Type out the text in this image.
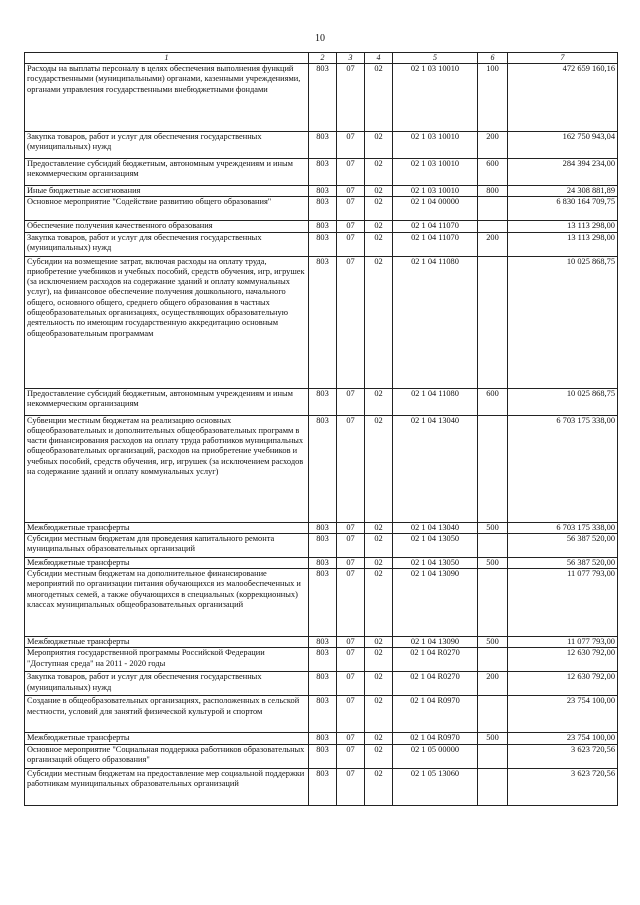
10
1	2	3	4	5	6	7
Расходы на выплаты персоналу в целях обеспечения выполнения функций государственными (муниципальными) органами, казенными учреждениями, органами управления государственными внебюджетными фондами	803	07	02	02 1 03 10010	100	472 659 160,16
Закупка товаров, работ и услуг для обеспечения государственных (муниципальных) нужд	803	07	02	02 1 03 10010	200	162 750 943,04
Предоставление субсидий бюджетным, автономным учреждениям и иным некоммерческим организациям	803	07	02	02 1 03 10010	600	284 394 234,00
Иные бюджетные ассигнования	803	07	02	02 1 03 10010	800	24 308 881,89
Основное мероприятие "Содействие развитию общего образования"	803	07	02	02 1 04 00000		6 830 164 709,75
Обеспечение получения качественного образования	803	07	02	02 1 04 11070		13 113 298,00
Закупка товаров, работ и услуг для обеспечения государственных (муниципальных) нужд	803	07	02	02 1 04 11070	200	13 113 298,00
Субсидии на возмещение затрат, включая расходы на оплату труда, приобретение учебников и учебных пособий, средств обучения, игр, игрушек (за исключением расходов на содержание зданий и оплату коммунальных услуг), на финансовое обеспечение получения дошкольного, начального общего, основного общего, среднего общего образования в частных общеобразовательных организациях, осуществляющих образовательную деятельность по имеющим государственную аккредитацию основным общеобразовательным программам	803	07	02	02 1 04 11080		10 025 868,75
Предоставление субсидий бюджетным, автономным учреждениям и иным некоммерческим организациям	803	07	02	02 1 04 11080	600	10 025 868,75
Субвенции местным бюджетам на реализацию основных общеобразовательных и дополнительных общеобразовательных программ в части финансирования расходов на оплату труда работников муниципальных общеобразовательных организаций, расходов на приобретение учебников и учебных пособий, средств обучения, игр, игрушек (за исключением расходов на содержание зданий и оплату коммунальных услуг)	803	07	02	02 1 04 13040		6 703 175 338,00
Межбюджетные трансферты	803	07	02	02 1 04 13040	500	6 703 175 338,00
Субсидии местным бюджетам для проведения капитального ремонта муниципальных образовательных организаций	803	07	02	02 1 04 13050		56 387 520,00
Межбюджетные трансферты	803	07	02	02 1 04 13050	500	56 387 520,00
Субсидии местным бюджетам на дополнительное финансирование мероприятий по организации питания обучающихся из малообеспеченных и многодетных семей, а также обучающихся в специальных (коррекционных) классах муниципальных общеобразовательных организаций	803	07	02	02 1 04 13090		11 077 793,00
Межбюджетные трансферты	803	07	02	02 1 04 13090	500	11 077 793,00
Мероприятия государственной программы Российской Федерации "Доступная среда" на 2011 - 2020 годы	803	07	02	02 1 04 R0270		12 630 792,00
Закупка товаров, работ и услуг для обеспечения государственных (муниципальных) нужд	803	07	02	02 1 04 R0270	200	12 630 792,00
Создание в общеобразовательных организациях, расположенных в сельской местности, условий для занятий физической культурой и спортом	803	07	02	02 1 04 R0970		23 754 100,00
Межбюджетные трансферты	803	07	02	02 1 04 R0970	500	23 754 100,00
Основное мероприятие "Социальная поддержка работников образовательных организаций общего образования"	803	07	02	02 1 05 00000		3 623 720,56
Субсидии местным бюджетам на предоставление мер социальной поддержки работникам муниципальных образовательных организаций	803	07	02	02 1 05 13060		3 623 720,56
